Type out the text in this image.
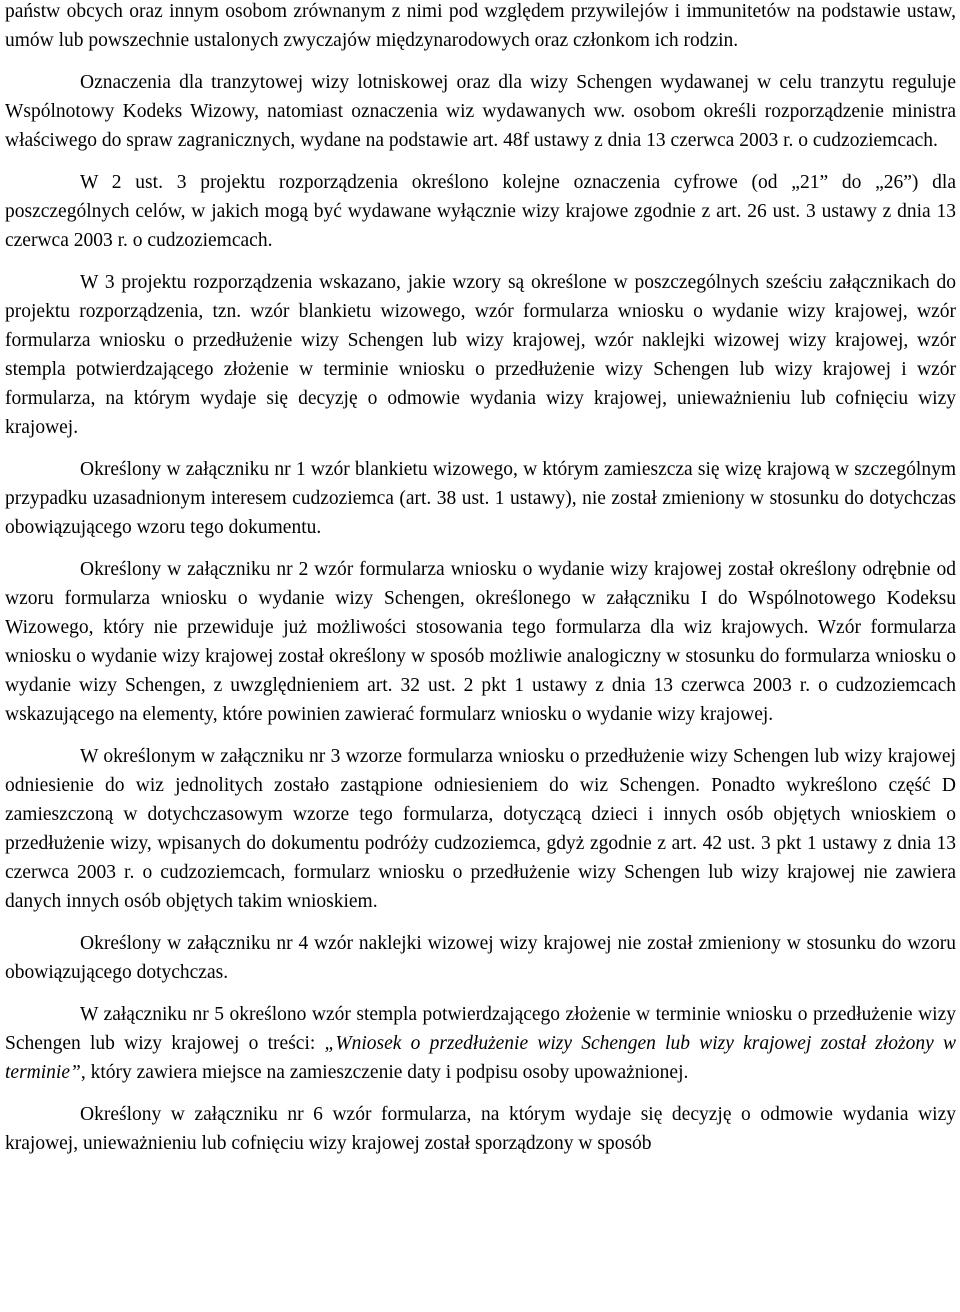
państw obcych oraz innym osobom zrównanym z nimi pod względem przywilejów i immunitetów na podstawie ustaw, umów lub powszechnie ustalonych zwyczajów międzynarodowych oraz członkom ich rodzin.

Oznaczenia dla tranzytowej wizy lotniskowej oraz dla wizy Schengen wydawanej w celu tranzytu reguluje Wspólnotowy Kodeks Wizowy, natomiast oznaczenia wiz wydawanych ww. osobom określi rozporządzenie ministra właściwego do spraw zagranicznych, wydane na podstawie art. 48f ustawy z dnia 13 czerwca 2003 r. o cudzoziemcach.

W 2 ust. 3 projektu rozporządzenia określono kolejne oznaczenia cyfrowe (od „21” do „26”) dla poszczególnych celów, w jakich mogą być wydawane wyłącznie wizy krajowe zgodnie z art. 26 ust. 3 ustawy z dnia 13 czerwca 2003 r. o cudzoziemcach.

W 3 projektu rozporządzenia wskazano, jakie wzory są określone w poszczególnych sześciu załącznikach do projektu rozporządzenia, tzn. wzór blankietu wizowego, wzór formularza wniosku o wydanie wizy krajowej, wzór formularza wniosku o przedłużenie wizy Schengen lub wizy krajowej, wzór naklejki wizowej wizy krajowej, wzór stempla potwierdzającego złożenie w terminie wniosku o przedłużenie wizy Schengen lub wizy krajowej i wzór formularza, na którym wydaje się decyzję o odmowie wydania wizy krajowej, unieważnieniu lub cofnięciu wizy krajowej.

Określony w załączniku nr 1 wzór blankietu wizowego, w którym zamieszcza się wizę krajową w szczególnym przypadku uzasadnionym interesem cudzoziemca (art. 38 ust. 1 ustawy), nie został zmieniony w stosunku do dotychczas obowiązującego wzoru tego dokumentu.

Określony w załączniku nr 2 wzór formularza wniosku o wydanie wizy krajowej został określony odrębnie od wzoru formularza wniosku o wydanie wizy Schengen, określonego w załączniku I do Wspólnotowego Kodeksu Wizowego, który nie przewiduje już możliwości stosowania tego formularza dla wiz krajowych. Wzór formularza wniosku o wydanie wizy krajowej został określony w sposób możliwie analogiczny w stosunku do formularza wniosku o wydanie wizy Schengen, z uwzględnieniem art. 32 ust. 2 pkt 1 ustawy z dnia 13 czerwca 2003 r. o cudzoziemcach wskazującego na elementy, które powinien zawierać formularz wniosku o wydanie wizy krajowej.

W określonym w załączniku nr 3 wzorze formularza wniosku o przedłużenie wizy Schengen lub wizy krajowej odniesienie do wiz jednolitych zostało zastąpione odniesieniem do wiz Schengen. Ponadto wykreślono część D zamieszczoną w dotychczasowym wzorze tego formularza, dotyczącą dzieci i innych osób objętych wnioskiem o przedłużenie wizy, wpisanych do dokumentu podróży cudzoziemca, gdyż zgodnie z art. 42 ust. 3 pkt 1 ustawy z dnia 13 czerwca 2003 r. o cudzoziemcach, formularz wniosku o przedłużenie wizy Schengen lub wizy krajowej nie zawiera danych innych osób objętych takim wnioskiem.

Określony w załączniku nr 4 wzór naklejki wizowej wizy krajowej nie został zmieniony w stosunku do wzoru obowiązującego dotychczas.

W załączniku nr 5 określono wzór stempla potwierdzającego złożenie w terminie wniosku o przedłużenie wizy Schengen lub wizy krajowej o treści: „Wniosek o przedłużenie wizy Schengen lub wizy krajowej został złożony w terminie”, który zawiera miejsce na zamieszczenie daty i podpisu osoby upoważnionej.

Określony w załączniku nr 6 wzór formularza, na którym wydaje się decyzję o odmowie wydania wizy krajowej, unieważnieniu lub cofnięciu wizy krajowej został sporządzony w sposób
